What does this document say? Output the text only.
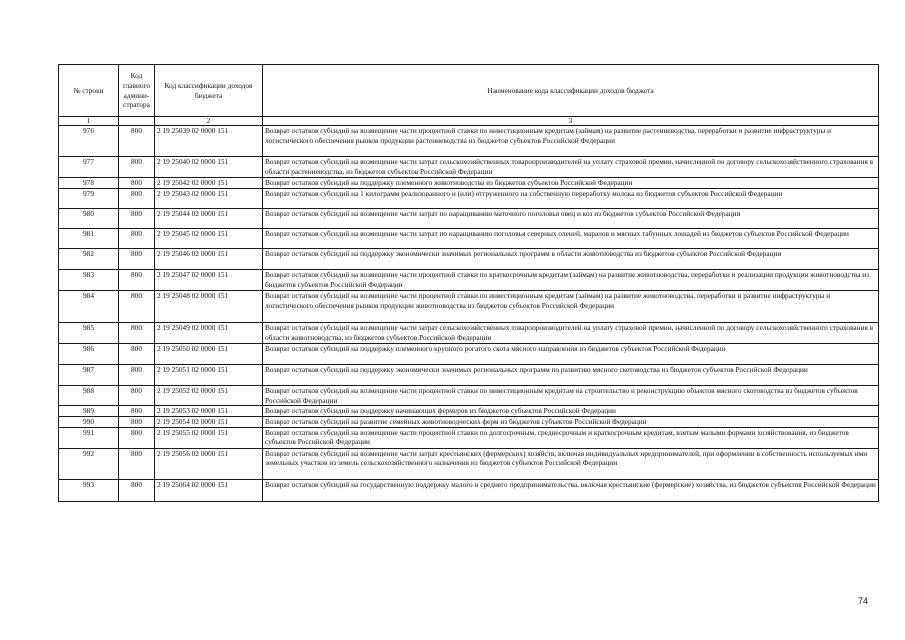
№ строки	Код главного админи-стратора	Код классификации доходов бюджета	Наименование кода классификации доходов бюджета
1		2	3
976	800	2 19 25039 02 0000 151	Возврат остатков субсидий на возмещение части процентной ставки по инвестиционным кредитам (займам) на развитие растениеводства, переработки и развитие инфраструктуры и логистического обеспечения рынков продукции растениеводства из бюджетов субъектов Российской Федерации
977	800	2 19 25040 02 0000 151	Возврат остатков субсидий на возмещение части затрат сельскохозяйственных товаропроизводителей на уплату страховой премии, начисленной по договору сельскохозяйственного страхования в области растениеводства, из бюджетов субъектов Российской Федерации
978	800	2 19 25042 02 0000 151	Возврат остатков субсидий на поддержку племенного животноводства из бюджетов субъектов Российской Федерации
979	800	2 19 25043 02 0000 151	Возврат остатков субсидий на 1 килограмм реализованного и (или) отгруженного на собственную переработку молока из бюджетов субъектов Российской Федерации
980	800	2 19 25044 02 0000 151	Возврат остатков субсидий на возмещение части затрат по наращиванию маточного поголовья овец и коз из бюджетов субъектов Российской Федерации
981	800	2 19 25045 02 0000 151	Возврат остатков субсидий на возмещение части затрат по наращиванию поголовья северных оленей, маралов и мясных табунных лошадей из бюджетов субъектов Российской Федерации
982	800	2 19 25046 02 0000 151	Возврат остатков субсидий на поддержку экономически значимых региональных программ в области животноводства из бюджетов субъектов Российской Федерации
983	800	2 19 25047 02 0000 151	Возврат остатков субсидий на возмещение части процентной ставки по краткосрочным кредитам (займам) на развитие животноводства, переработки и реализации продукции животноводства из бюджетов субъектов Российской Федерации
984	800	2 19 25048 02 0000 151	Возврат остатков субсидий на возмещение части процентной ставки по инвестиционным кредитам (займам) на развитие животноводства, переработки и развитие инфраструктуры и логистического обеспечения рынков продукции животноводства из бюджетов субъектов Российской Федерации
985	800	2 19 25049 02 0000 151	Возврат остатков субсидий на возмещение части затрат сельскохозяйственных товаропроизводителей на уплату страховой премии, начисленной по договору сельскохозяйственного страхования в области животноводства, из бюджетов субъектов Российской Федерации
986	800	2 19 25050 02 0000 151	Возврат остатков субсидий на поддержку племенного крупного рогатого скота мясного направления из бюджетов субъектов Российской Федерации
987	800	2 19 25051 02 0000 151	Возврат остатков субсидий на поддержку экономически значимых региональных программ по развитию мясного скотоводства из бюджетов субъектов Российской Федерации
988	800	2 19 25052 02 0000 151	Возврат остатков субсидий на возмещение части процентной ставки по инвестиционным кредитам на строительство и реконструкцию объектов мясного скотоводства из бюджетов субъектов Российской Федерации
989	800	2 19 25053 02 0000 151	Возврат остатков субсидий на поддержку начинающих фермеров из бюджетов субъектов Российской Федерации
990	800	2 19 25054 02 0000 151	Возврат остатков субсидий на развитие семейных животноводческих ферм из бюджетов субъектов Российской Федерации
991	800	2 19 25055 02 0000 151	Возврат остатков субсидий на возмещение части процентной ставки по долгосрочным, среднесрочным и краткосрочным кредитам, взятым малыми формами хозяйствования, из бюджетов субъектов Российской Федерации
992	800	2 19 25056 02 0000 151	Возврат остатков субсидий на возмещение части затрат крестьянских (фермерских) хозяйств, включая индивидуальных предпринимателей, при оформлении в собственность используемых ими земельных участков из земель сельскохозяйственного назначения из бюджетов субъектов Российской Федерации
993	800	2 19 25064 02 0000 151	Возврат остатков субсидий на государственную поддержку малого и среднего предпринимательства, включая крестьянские (фермерские) хозяйства, из бюджетов субъектов Российской Федерации
74
